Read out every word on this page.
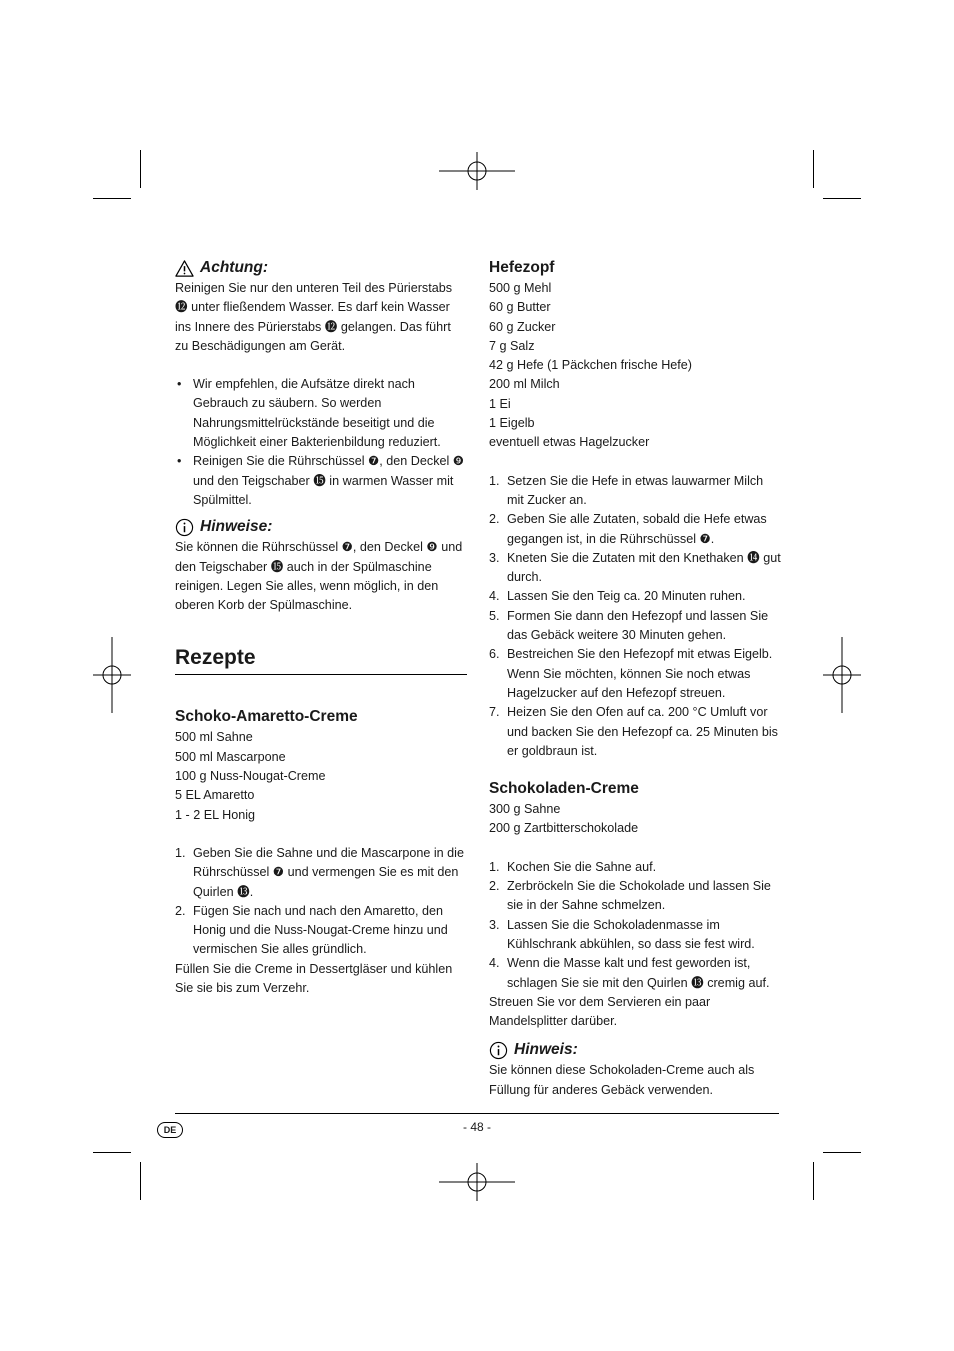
Achtung:

Reinigen Sie nur den unteren Teil des Pürierstabs ⓬ unter fließendem Wasser. Es darf kein Wasser ins Innere des Pürierstabs ⓬ gelangen. Das führt zu Beschädigungen am Gerät.

• Wir empfehlen, die Aufsätze direkt nach Gebrauch zu säubern. So werden Nahrungsmittelrückstände beseitigt und die Möglichkeit einer Bakterienbildung reduziert.
• Reinigen Sie die Rührschüssel ❼, den Deckel ❾ und den Teigschaber ⓯ in warmen Wasser mit Spülmittel.
Hinweise:

Sie können die Rührschüssel ❼, den Deckel ❾ und den Teigschaber ⓯ auch in der Spülmaschine reinigen. Legen Sie alles, wenn möglich, in den oberen Korb der Spülmaschine.

Rezepte
Schoko-Amaretto-Creme
500 ml Sahne
500 ml Mascarpone
100 g Nuss-Nougat-Creme
5 EL Amaretto
1 - 2 EL Honig
1. Geben Sie die Sahne und die Mascarpone in die Rührschüssel ❼ und vermengen Sie es mit den Quirlen ⓭.
2. Fügen Sie nach und nach den Amaretto, den Honig und die Nuss-Nougat-Creme hinzu und vermischen Sie alles gründlich.

Füllen Sie die Creme in Dessertgläser und kühlen Sie sie bis zum Verzehr.

Hefezopf
500 g Mehl
60 g Butter
60 g Zucker
7 g Salz
42 g Hefe (1 Päckchen frische Hefe)
200 ml Milch
1 Ei
1 Eigelb
eventuell etwas Hagelzucker
1. Setzen Sie die Hefe in etwas lauwarmer Milch mit Zucker an.
2. Geben Sie alle Zutaten, sobald die Hefe etwas gegangen ist, in die Rührschüssel ❼.
3. Kneten Sie die Zutaten mit den Knethaken ⓮ gut durch.
4. Lassen Sie den Teig ca. 20 Minuten ruhen.
5. Formen Sie dann den Hefezopf und lassen Sie das Gebäck weitere 30 Minuten gehen.
6. Bestreichen Sie den Hefezopf mit etwas Eigelb. Wenn Sie möchten, können Sie noch etwas Hagelzucker auf den Hefezopf streuen.
7. Heizen Sie den Ofen auf ca. 200 °C Umluft vor und backen Sie den Hefezopf ca. 25 Minuten bis er goldbraun ist.
Schokoladen-Creme
300 g Sahne
200 g Zartbitterschokolade
1. Kochen Sie die Sahne auf.
2. Zerbröckeln Sie die Schokolade und lassen Sie sie in der Sahne schmelzen.
3. Lassen Sie die Schokoladenmasse im Kühlschrank abkühlen, so dass sie fest wird.
4. Wenn die Masse kalt und fest geworden ist, schlagen Sie sie mit den Quirlen ⓭ cremig auf.

Streuen Sie vor dem Servieren ein paar Mandelsplitter darüber.

Hinweis:

Sie können diese Schokoladen-Creme auch als Füllung für anderes Gebäck verwenden.

DE	- 48 -
